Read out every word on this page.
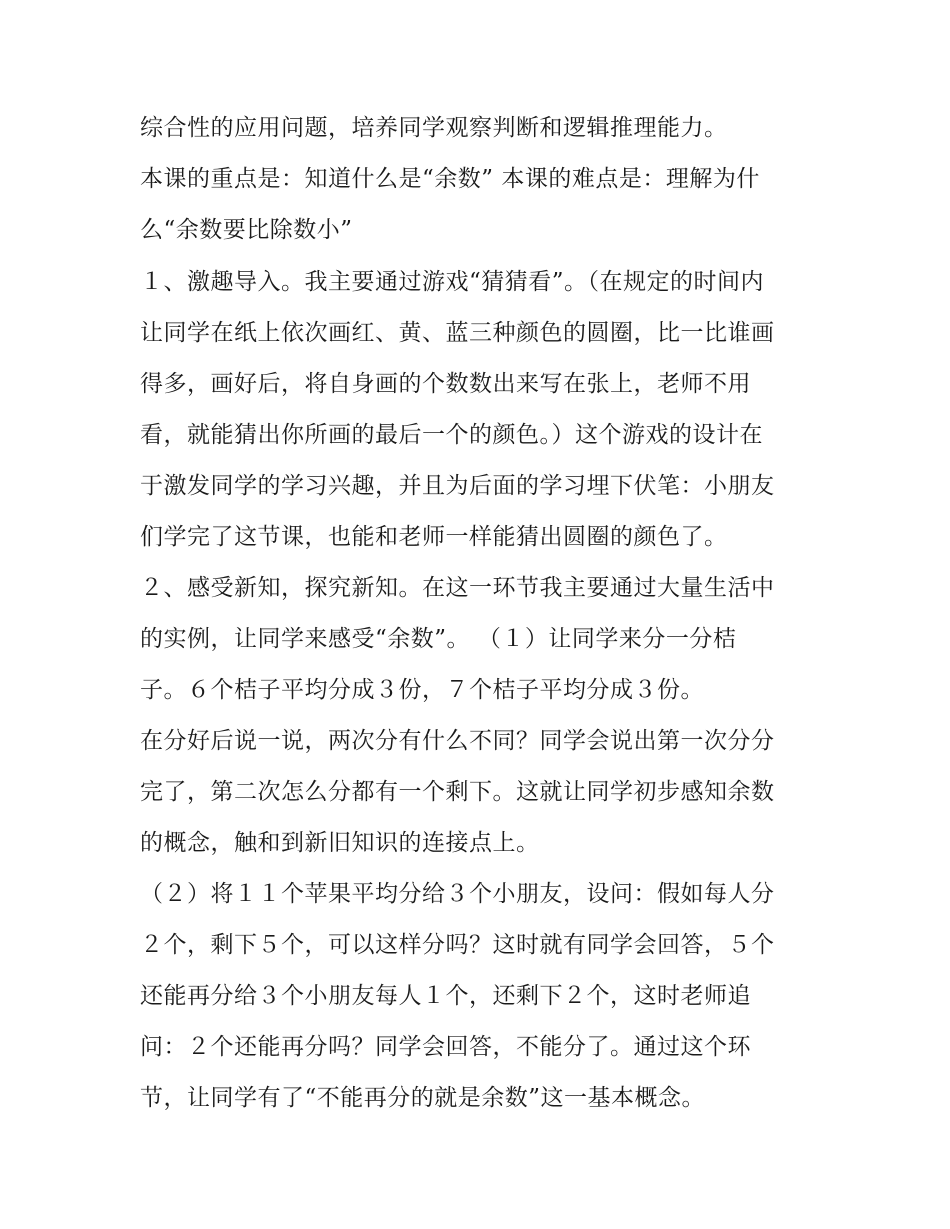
综合性的应用问题，培养同学观察判断和逻辑推理能力。
本课的重点是：知道什么是“余数” 本课的难点是：理解为什
么“余数要比除数小”
１、激趣导入。我主要通过游戏“猜猜看”。（在规定的时间内
让同学在纸上依次画红、黄、蓝三种颜色的圆圈，比一比谁画
得多，画好后，将自身画的个数数出来写在张上，老师不用
看，就能猜出你所画的最后一个的颜色。）这个游戏的设计在
于激发同学的学习兴趣，并且为后面的学习埋下伏笔：小朋友
们学完了这节课，也能和老师一样能猜出圆圈的颜色了。
２、感受新知，探究新知。在这一环节我主要通过大量生活中
的实例，让同学来感受“余数”。 （１）让同学来分一分桔
子。６个桔子平均分成３份，７个桔子平均分成３份。
在分好后说一说，两次分有什么不同？同学会说出第一次分分
完了，第二次怎么分都有一个剩下。这就让同学初步感知余数
的概念，触和到新旧知识的连接点上。
（２）将１１个苹果平均分给３个小朋友，设问：假如每人分
２个，剩下５个，可以这样分吗？这时就有同学会回答，５个
还能再分给３个小朋友每人１个，还剩下２个，这时老师追
问：２个还能再分吗？同学会回答，不能分了。通过这个环
节，让同学有了“不能再分的就是余数”这一基本概念。
